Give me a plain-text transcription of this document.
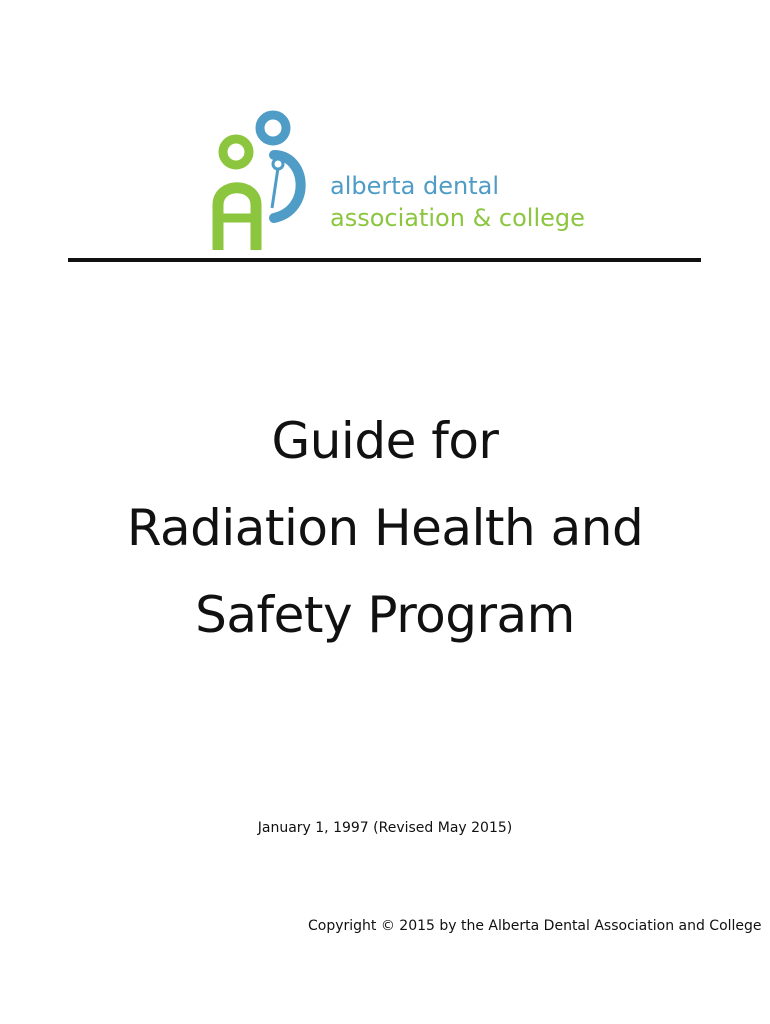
alberta dental
association & college
Guide for
Radiation Health and
Safety Program
January 1, 1997 (Revised May 2015)
Copyright © 2015 by the Alberta Dental Association and College
